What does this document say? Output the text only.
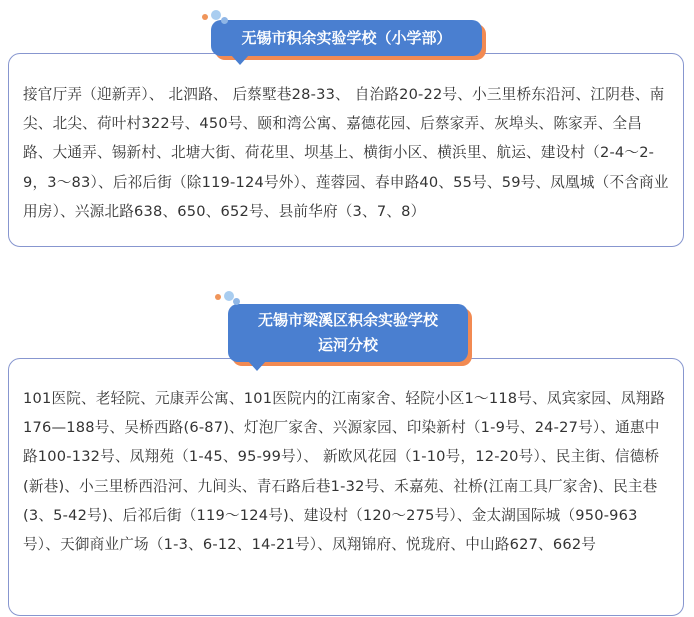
无锡市积余实验学校（小学部）
接官厅弄（迎新弄）、 北泗路、 后蔡墅巷28-33、 自治路20-22号、小三里桥东沿河、江阴巷、南尖、北尖、荷叶村322号、450号、颐和湾公寓、嘉德花园、后蔡家弄、灰埠头、陈家弄、全昌路、大通弄、锡新村、北塘大街、荷花里、坝基上、横街小区、横浜里、航运、建设村（2-4～2-9，3～83）、后祁后街（除119-124号外）、莲蓉园、春申路40、55号、59号、凤凰城（不含商业用房）、兴源北路638、650、652号、县前华府（3、7、8）
无锡市梁溪区积余实验学校
运河分校
101医院、老轻院、元康弄公寓、101医院内的江南家舍、轻院小区1～118号、凤宾家园、凤翔路176—188号、吴桥西路(6-87)、灯泡厂家舍、兴源家园、印染新村（1-9号、24-27号）、通惠中路100-132号、凤翔苑（1-45、95-99号）、 新欧风花园（1-10号，12-20号）、民主街、信德桥(新巷)、小三里桥西沿河、九间头、青石路后巷1-32号、禾嘉苑、社桥(江南工具厂家舍)、民主巷(3、5-42号)、后祁后街（119～124号)、建设村（120～275号）、金太湖国际城（950-963号）、天御商业广场（1-3、6-12、14-21号）、凤翔锦府、悦珑府、中山路627、662号
